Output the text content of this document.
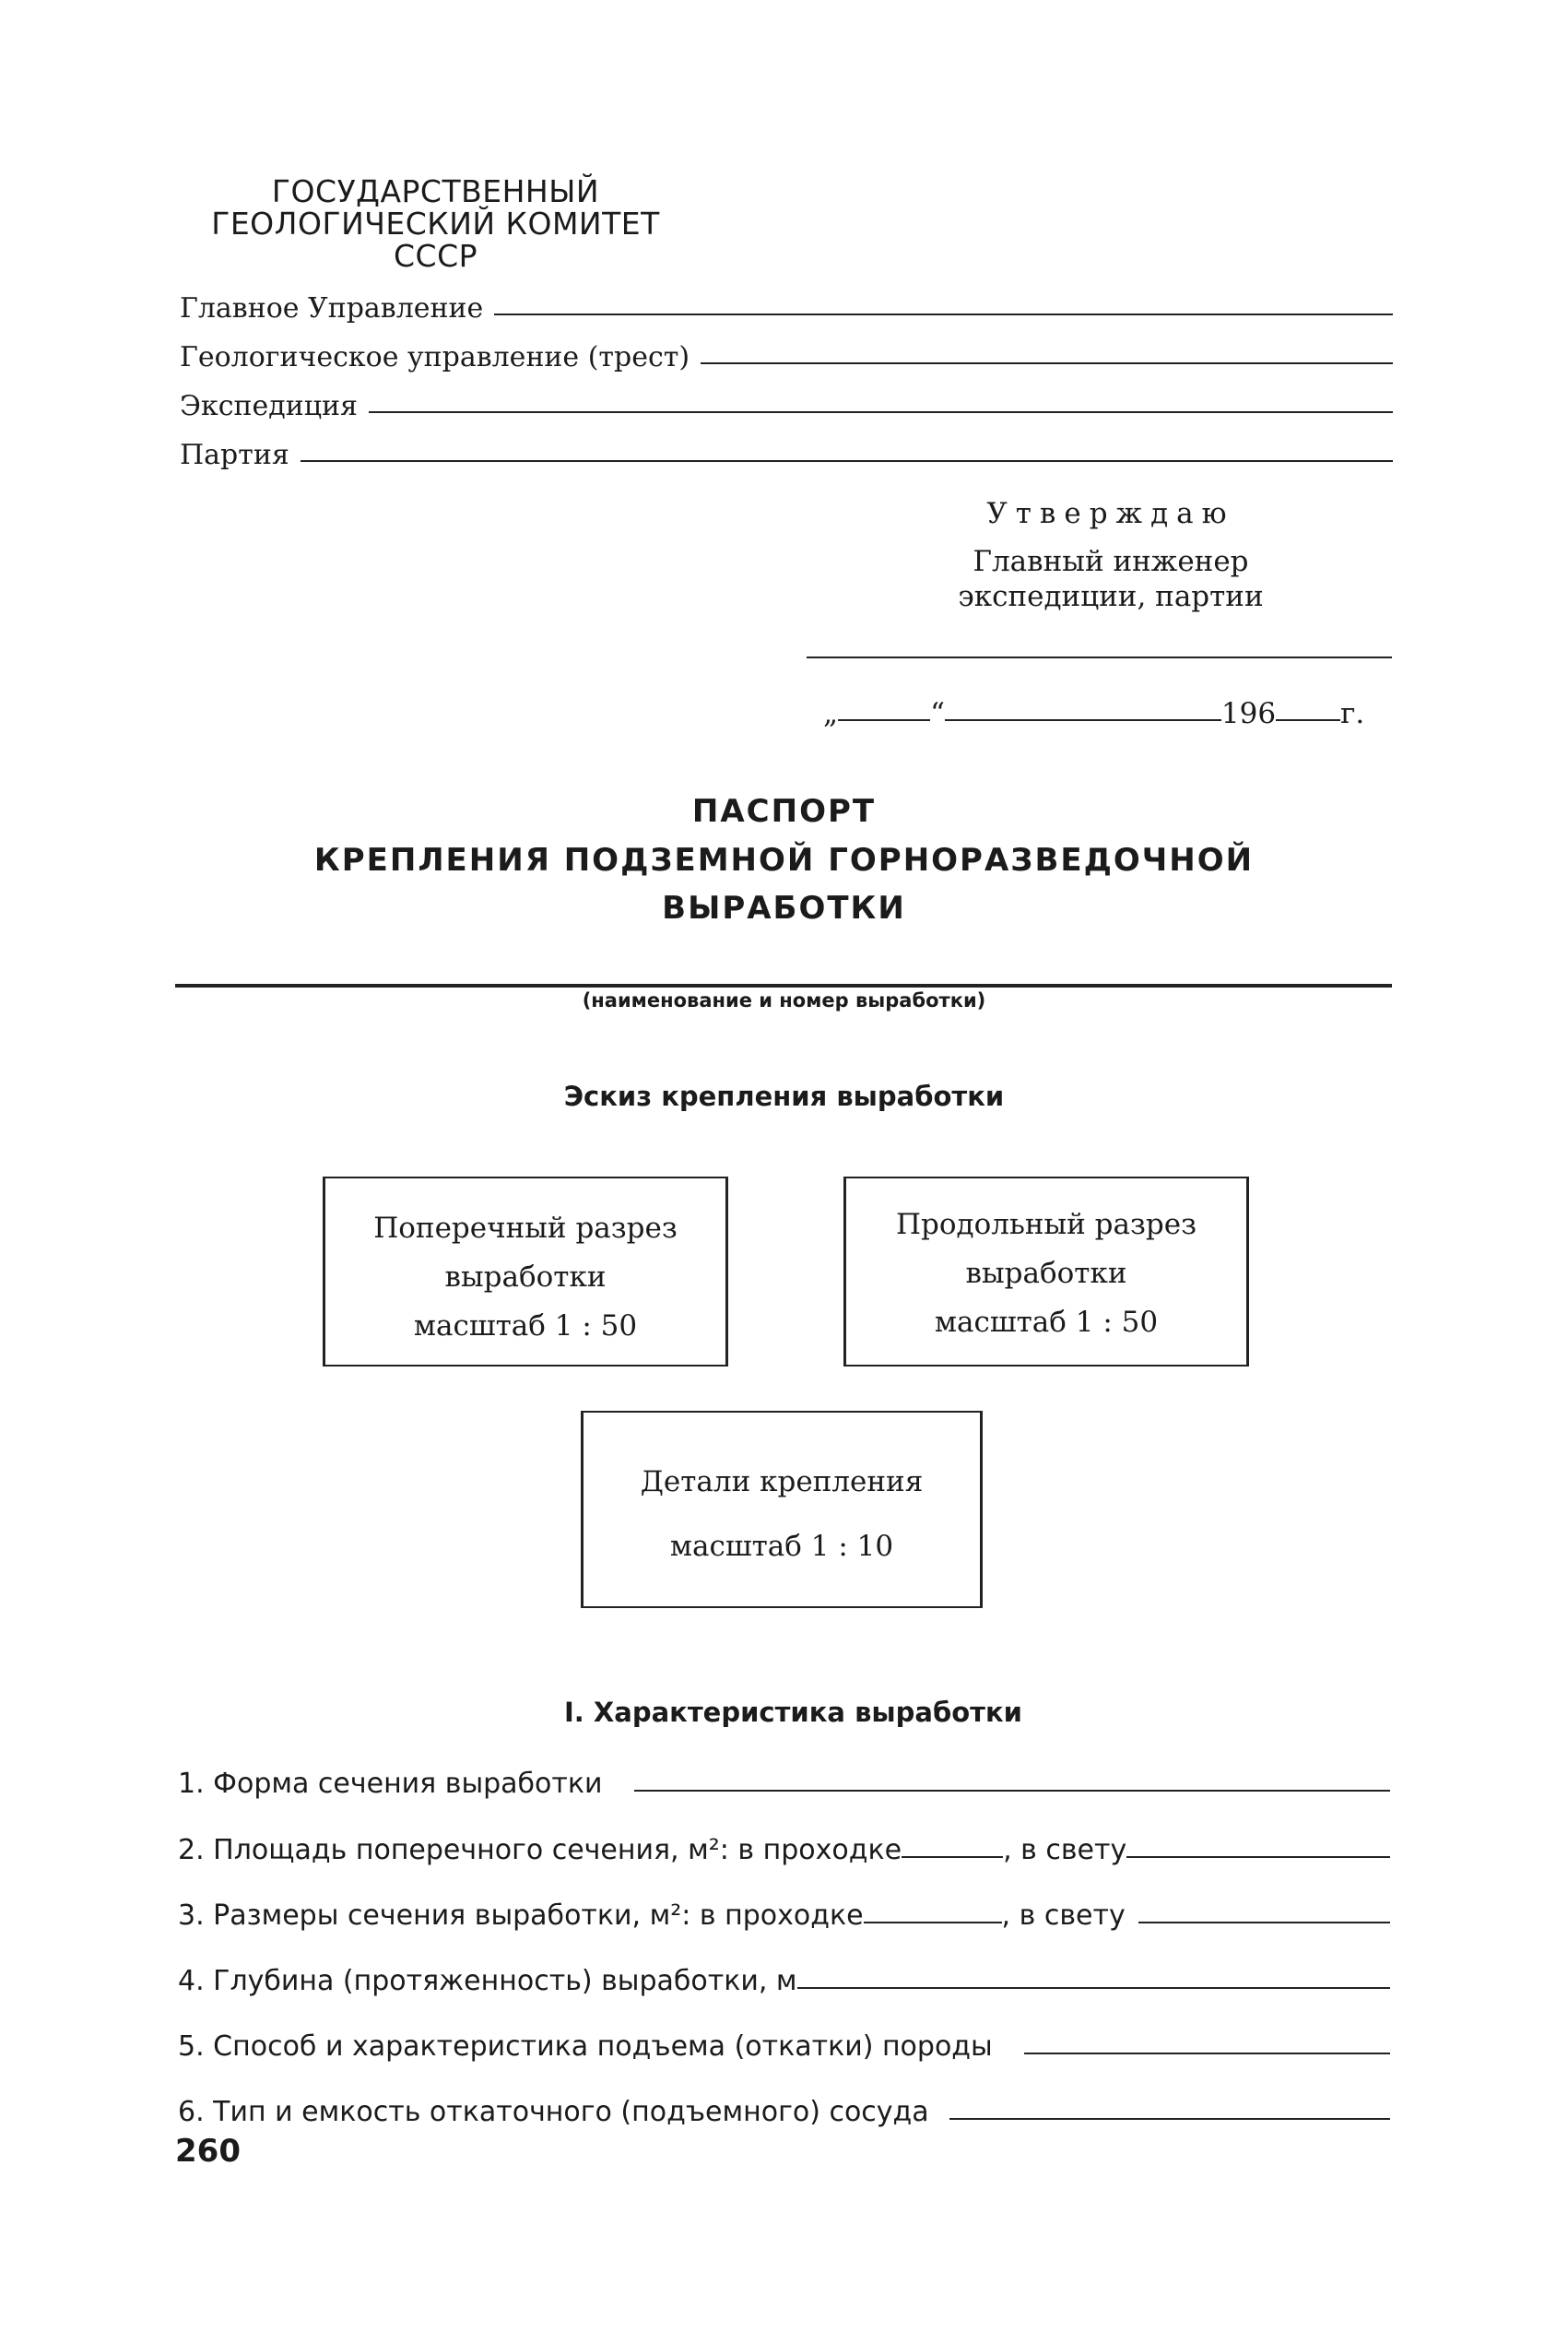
ГОСУДАРСТВЕННЫЙ
ГЕОЛОГИЧЕСКИЙ КОМИТЕТ
СССР
Главное Управление
Геологическое управление (трест)
Экспедиция
Партия
Утверждаю
Главный инженер
экспедиции, партии
„	“	196 г.
ПАСПОРТ
КРЕПЛЕНИЯ ПОДЗЕМНОЙ ГОРНОРАЗВЕДОЧНОЙ
ВЫРАБОТКИ
(наименование и номер выработки)
Эскиз крепления выработки
Поперечный разрез
выработки
масштаб 1 : 50
Продольный разрез
выработки
масштаб 1 : 50
Детали крепления
масштаб 1 : 10
I. Характеристика выработки
1. Форма сечения выработки
2. Площадь поперечного сечения, м²: в проходке	, в свету
3. Размеры сечения выработки, м²: в проходке	, в свету
4. Глубина (протяженность) выработки, м
5. Способ и характеристика подъема (откатки) породы
6. Тип и емкость откаточного (подъемного) сосуда
260
